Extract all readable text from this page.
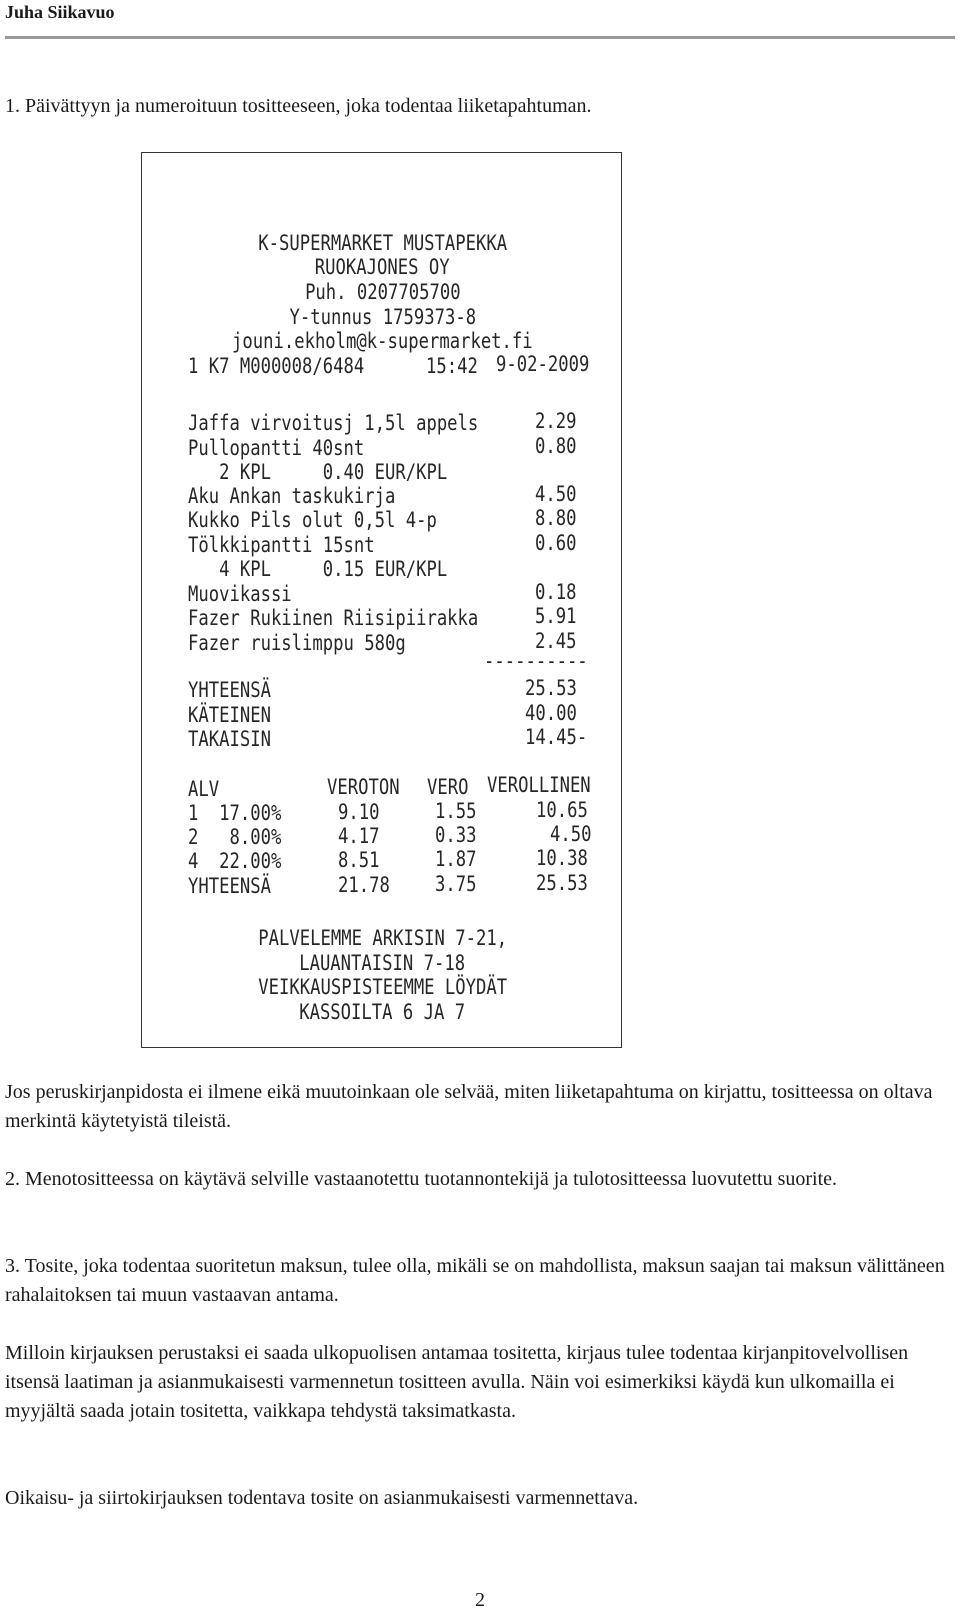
Juha Siikavuo

1. Päivättyyn ja numeroituun tositteeseen, joka todentaa liiketapahtuman.

K-SUPERMARKET MUSTAPEKKA
RUOKAJONES OY
Puh. 0207705700
Y-tunnus 1759373-8
jouni.ekholm@k-supermarket.fi
1 K7 M000008/6484	15:42 9-02-2009
Jaffa virvoitusj 1,5l appels	2.29
Pullopantti 40snt	0.80
2 KPL     0.40 EUR/KPL
Aku Ankan taskukirja	4.50
Kukko Pils olut 0,5l 4-p	8.80
Tölkkipantti 15snt	0.60
4 KPL     0.15 EUR/KPL
Muovikassi	0.18
Fazer Rukiinen Riisipiirakka	5.91
Fazer ruislimppu 580g	2.45
----------
YHTEENSÄ	25.53
KÄTEINEN	40.00
TAKAISIN	14.45-
ALV	VEROTON VERO VEROLLINEN
1  17.00%	9.10	1.55	10.65
2   8.00%	4.17	0.33	4.50
4  22.00%	8.51	1.87	10.38
YHTEENSÄ	21.78 3.75	25.53
PALVELEMME ARKISIN 7-21,
LAUANTAISIN 7-18
VEIKKAUSPISTEEMME LÖYDÄT
KASSOILTA 6 JA 7

Jos peruskirjanpidosta ei ilmene eikä muutoinkaan ole selvää, miten liiketapahtuma on kirjattu, tositteessa on oltava merkintä käytetyistä tileistä.

2. Menotositteessa on käytävä selville vastaanotettu tuotannontekijä ja tulotositteessa luovutettu suorite.

3. Tosite, joka todentaa suoritetun maksun, tulee olla, mikäli se on mahdollista, maksun saajan tai maksun välittäneen rahalaitoksen tai muun vastaavan antama.

Milloin kirjauksen perustaksi ei saada ulkopuolisen antamaa tositetta, kirjaus tulee todentaa kirjanpitovelvollisen itsensä laatiman ja asianmukaisesti varmennetun tositteen avulla. Näin voi esimerkiksi käydä kun ulkomailla ei myyjältä saada jotain tositetta, vaikkapa tehdystä taksimatkasta.

Oikaisu- ja siirtokirjauksen todentava tosite on asianmukaisesti varmennettava.

2
